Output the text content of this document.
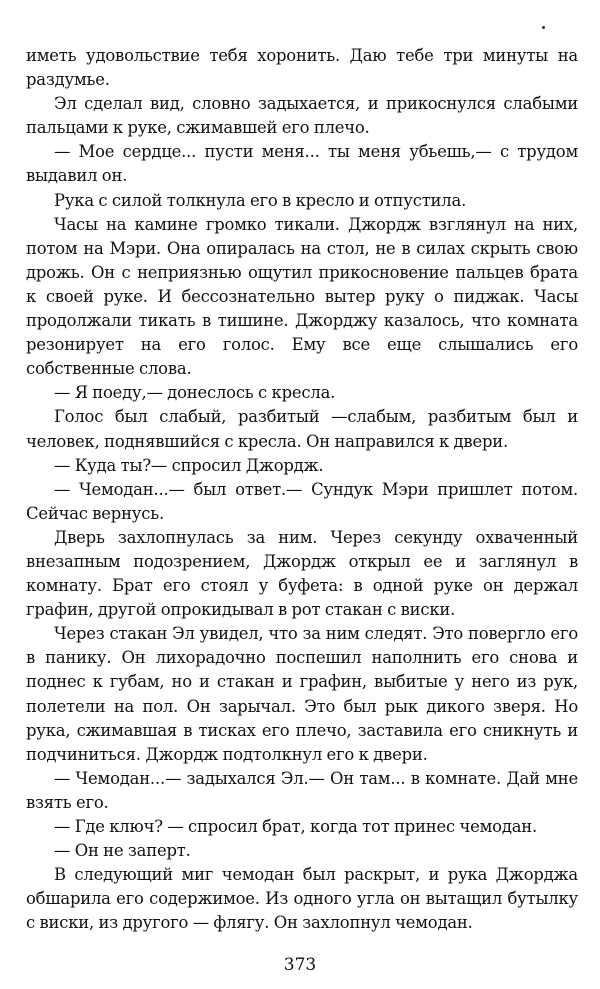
иметь удовольствие тебя хоронить. Даю тебе три минуты на раздумье.

Эл сделал вид, словно задыхается, и прикоснулся слабыми пальцами к руке, сжимавшей его плечо.

— Мое сердце... пусти меня... ты меня убьешь,— с трудом выдавил он.

Рука с силой толкнула его в кресло и отпустила.

Часы на камине громко тикали. Джордж взглянул на них, потом на Мэри. Она опиралась на стол, не в силах скрыть свою дрожь. Он с неприязнью ощутил прикосновение пальцев брата к своей руке. И бессознательно вытер руку о пиджак. Часы продолжали тикать в тишине. Джорджу казалось, что комната резонирует на его голос. Ему все еще слышались его собственные слова.

— Я поеду,— донеслось с кресла.

Голос был слабый, разбитый —слабым, разбитым был и человек, поднявшийся с кресла. Он направился к двери.

— Куда ты?— спросил Джордж.

— Чемодан...— был ответ.— Сундук Мэри пришлет потом. Сейчас вернусь.

Дверь захлопнулась за ним. Через секунду охваченный внезапным подозрением, Джордж открыл ее и заглянул в комнату. Брат его стоял у буфета: в одной руке он держал графин, другой опрокидывал в рот стакан с виски.

Через стакан Эл увидел, что за ним следят. Это повергло его в панику. Он лихорадочно поспешил наполнить его снова и поднес к губам, но и стакан и графин, выбитые у него из рук, полетели на пол. Он зарычал. Это был рык дикого зверя. Но рука, сжимавшая в тисках его плечо, заставила его сникнуть и подчиниться. Джордж подтолкнул его к двери.

— Чемодан...— задыхался Эл.— Он там... в комнате. Дай мне взять его.

— Где ключ? — спросил брат, когда тот принес чемодан.

— Он не заперт.

В следующий миг чемодан был раскрыт, и рука Джорджа обшарила его содержимое. Из одного угла он вытащил бутылку с виски, из другого — флягу. Он захлопнул чемодан.

373
